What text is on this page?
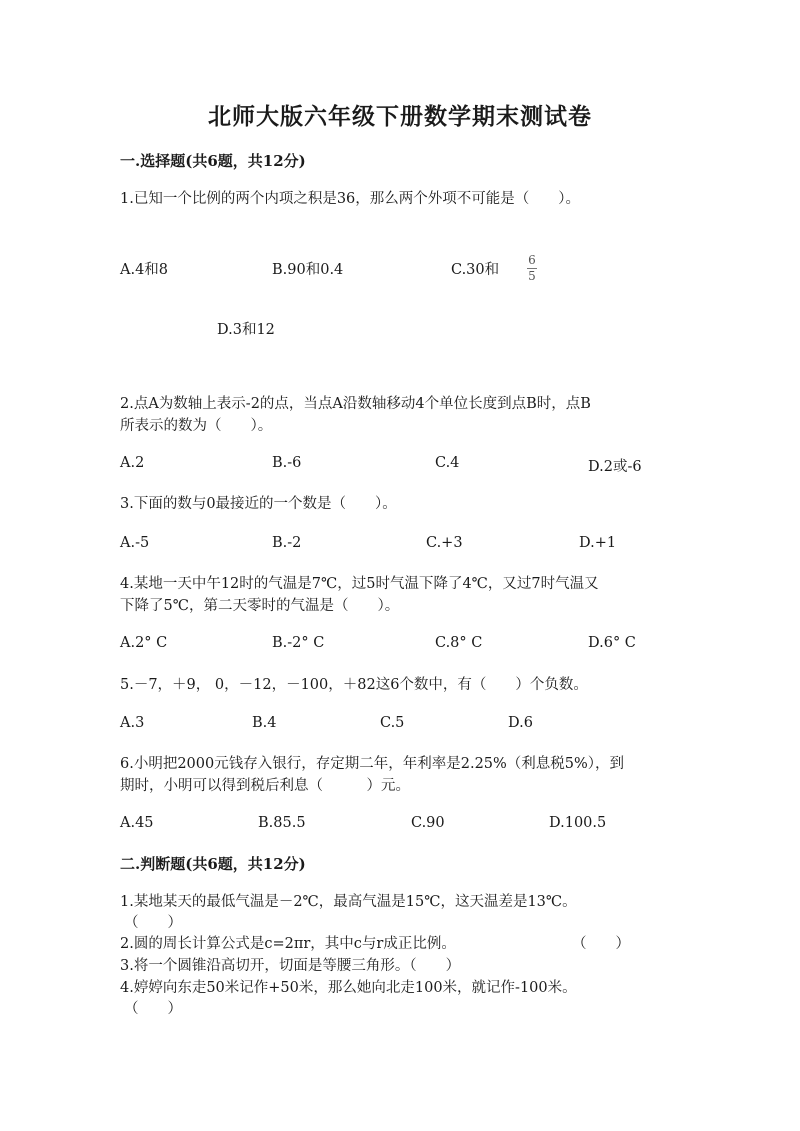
北师大版六年级下册数学期末测试卷
一.选择题(共6题，共12分)
1.已知一个比例的两个内项之积是36，那么两个外项不可能是（　　）。
A.4和8	B.90和0.4	C.30和
6
5
D.3和12
2.点A为数轴上表示-2的点，当点A沿数轴移动4个单位长度到点B时，点B
所表示的数为（　　）。
A.2	B.-6	C.4	D.2或-6
3.下面的数与0最接近的一个数是（　　）。
A.-5	B.-2	C.+3	D.+1
4.某地一天中午12时的气温是7℃，过5时气温下降了4℃，又过7时气温又
下降了5℃，第二天零时的气温是（　　）。
A.2° C	B.-2° C	C.8° C	D.6° C
5.－7，＋9， 0，－12，－100，＋82这6个数中，有（　　）个负数。
A.3	B.4	C.5	D.6
6.小明把2000元钱存入银行，存定期二年，年利率是2.25%（利息税5%），到
期时，小明可以得到税后利息（　　　）元。
A.45	B.85.5	C.90	D.100.5
二.判断题(共6题，共12分)
1.某地某天的最低气温是－2℃，最高气温是15℃，这天温差是13℃。
（　　）
2.圆的周长计算公式是c=2πr，其中c与r成正比例。	（　　）
3.将一个圆锥沿高切开，切面是等腰三角形。（　　）
4.婷婷向东走50米记作+50米，那么她向北走100米，就记作-100米。
（　　）
